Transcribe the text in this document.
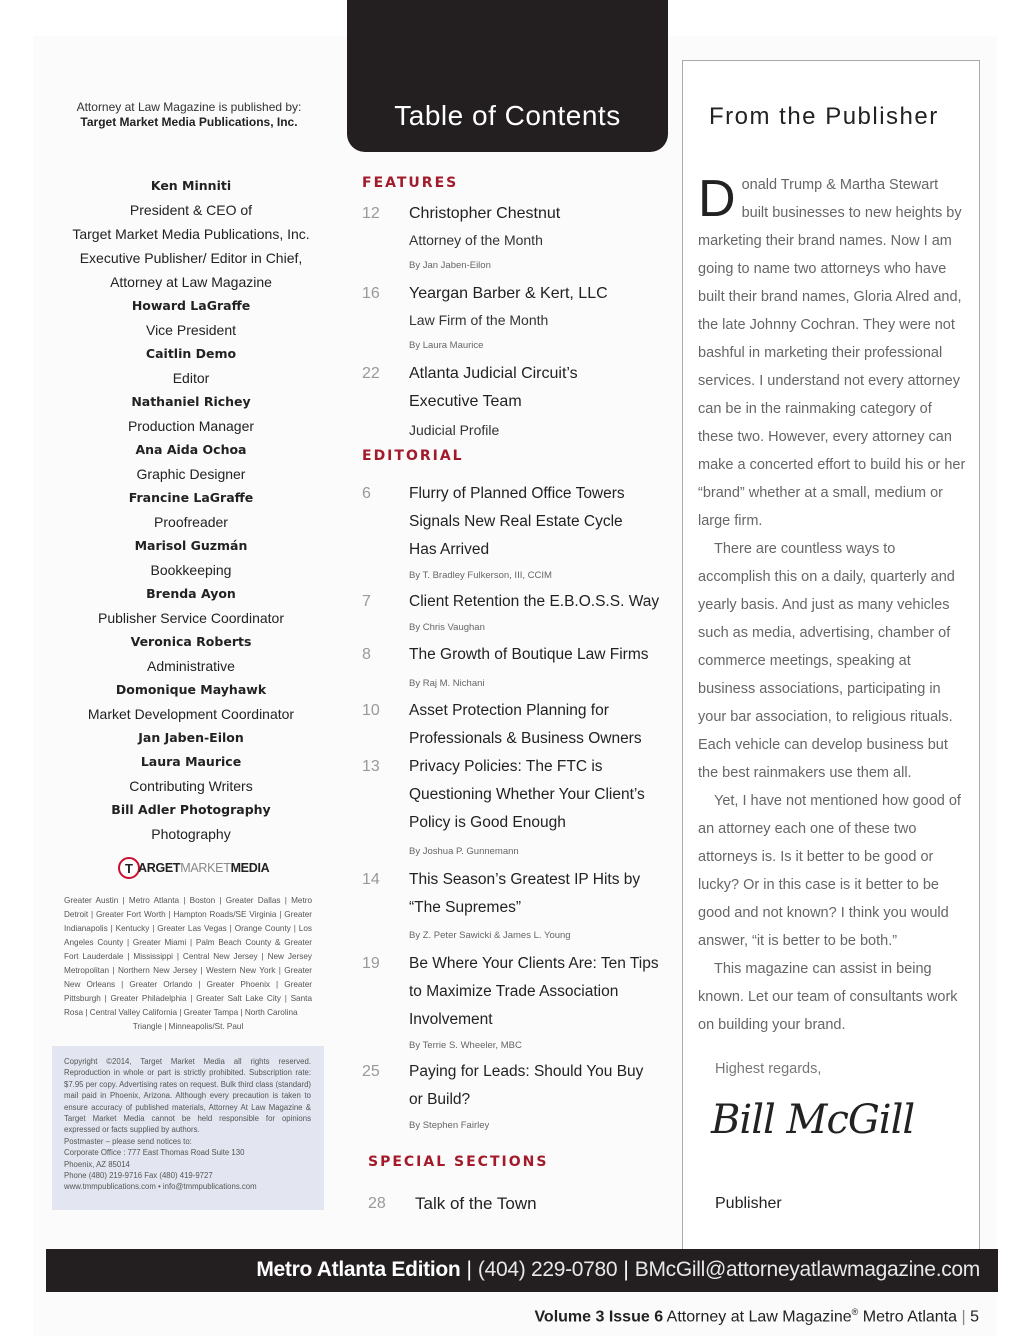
Attorney at Law Magazine is published by:
Target Market Media Publications, Inc.
Ken Minniti
President & CEO of
Target Market Media Publications, Inc.
Executive Publisher/ Editor in Chief,
Attorney at Law Magazine
Howard LaGraffe
Vice President
Caitlin Demo
Editor
Nathaniel Richey
Production Manager
Ana Aida Ochoa
Graphic Designer
Francine LaGraffe
Proofreader
Marisol Guzmán
Bookkeeping
Brenda Ayon
Publisher Service Coordinator
Veronica Roberts
Administrative
Domonique Mayhawk
Market Development Coordinator
Jan Jaben-Eilon
Laura Maurice
Contributing Writers
Bill Adler Photography
Photography
T ARGET MARKET MEDIA
Greater Austin | Metro Atlanta | Boston | Greater Dallas | Metro Detroit | Greater Fort Worth | Hampton Roads/SE Virginia | Greater Indianapolis | Kentucky | Greater Las Vegas | Orange County | Los Angeles County | Greater Miami | Palm Beach County & Greater Fort Lauderdale | Mississippi | Central New Jersey | New Jersey Metropolitan | Northern New Jersey | Western New York | Greater New Orleans | Greater Orlando | Greater Phoenix | Greater Pittsburgh | Greater Philadelphia | Greater Salt Lake City | Santa Rosa | Central Valley California | Greater Tampa | North Carolina
Triangle | Minneapolis/St. Paul
Copyright ©2014, Target Market Media all rights reserved. Reproduction in whole or part is strictly prohibited. Subscription rate: $7.95 per copy. Advertising rates on request. Bulk third class (standard) mail paid in Phoenix, Arizona. Although every precaution is taken to ensure accuracy of published materials, Attorney At Law Magazine & Target Market Media cannot be held responsible for opinions expressed or facts supplied by authors.
Postmaster – please send notices to:
Corporate Office : 777 East Thomas Road Suite 130
Phoenix, AZ 85014
Phone (480) 219-9716 Fax (480) 419-9727
www.tmmpublications.com • info@tmmpublications.com
Table of Contents
FEATURES
12 Christopher Chestnut
Attorney of the Month
By Jan Jaben-Eilon
16 Yeargan Barber & Kert, LLC
Law Firm of the Month
By Laura Maurice
22 Atlanta Judicial Circuit’s
Executive Team
Judicial Profile
EDITORIAL
6 Flurry of Planned Office Towers
Signals New Real Estate Cycle
Has Arrived
By T. Bradley Fulkerson, III, CCIM
7 Client Retention the E.B.O.S.S. Way
By Chris Vaughan
8 The Growth of Boutique Law Firms
By Raj M. Nichani
10 Asset Protection Planning for
Professionals & Business Owners
13 Privacy Policies: The FTC is
Questioning Whether Your Client’s
Policy is Good Enough
By Joshua P. Gunnemann
14 This Season’s Greatest IP Hits by
“The Supremes”
By Z. Peter Sawicki & James L. Young
19 Be Where Your Clients Are: Ten Tips
to Maximize Trade Association
Involvement
By Terrie S. Wheeler, MBC
25 Paying for Leads: Should You Buy
or Build?
By Stephen Fairley
SPECIAL SECTIONS
28 Talk of the Town
From the Publisher

Donald Trump & Martha Stewart built businesses to new heights by marketing their brand names. Now I am going to name two attorneys who have built their brand names, Gloria Alred and, the late Johnny Cochran. They were not bashful in marketing their professional services. I understand not every attorney can be in the rainmaking category of these two. However, every attorney can make a concerted effort to build his or her “brand” whether at a small, medium or large firm.

There are countless ways to accomplish this on a daily, quarterly and yearly basis. And just as many vehicles such as media, advertising, chamber of commerce meetings, speaking at business associations, participating in your bar association, to religious rituals. Each vehicle can develop business but the best rainmakers use them all.

Yet, I have not mentioned how good of an attorney each one of these two attorneys is. Is it better to be good or lucky? Or in this case is it better to be good and not known? I think you would answer, “it is better to be both.”

This magazine can assist in being known. Let our team of consultants work on building your brand.

Highest regards,
Bill McGill
Publisher
Metro Atlanta Edition | (404) 229-0780 | BMcGill@attorneyatlawmagazine.com
Volume 3 Issue 6 Attorney at Law Magazine® Metro Atlanta | 5
